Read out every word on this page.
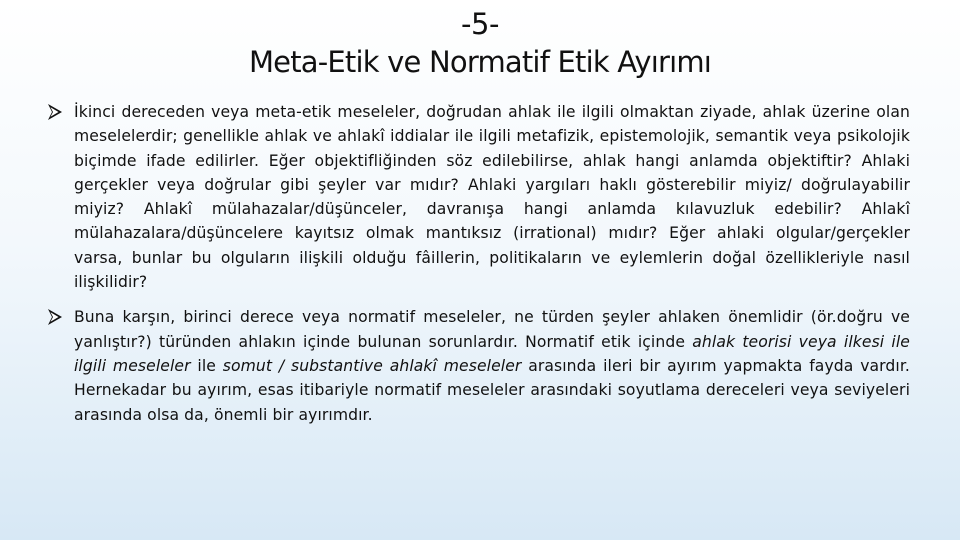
-5-
Meta-Etik ve Normatif Etik Ayırımı
İkinci dereceden veya meta-etik meseleler, doğrudan ahlak ile ilgili olmaktan ziyade, ahlak üzerine olan meselelerdir; genellikle ahlak ve ahlakî iddialar ile ilgili metafizik, epistemolojik, semantik veya psikolojik biçimde ifade edilirler. Eğer objektifliğinden söz edilebilirse, ahlak hangi anlamda objektiftir? Ahlaki gerçekler veya doğrular gibi şeyler var mıdır? Ahlaki yargıları haklı gösterebilir miyiz/ doğrulayabilir miyiz? Ahlakî mülahazalar/düşünceler, davranışa hangi anlamda kılavuzluk edebilir? Ahlakî mülahazalara/düşüncelere kayıtsız olmak mantıksız (irrational) mıdır? Eğer ahlaki olgular/gerçekler varsa, bunlar bu olguların ilişkili olduğu fâillerin, politikaların ve eylemlerin doğal özellikleriyle nasıl ilişkilidir?
Buna karşın, birinci derece veya normatif meseleler, ne türden şeyler ahlaken önemlidir (ör.doğru ve yanlıştır?) türünden ahlakın içinde bulunan sorunlardır. Normatif etik içinde ahlak teorisi veya ilkesi ile ilgili meseleler ile somut / substantive ahlakî meseleler arasında ileri bir ayırım yapmakta fayda vardır. Hernekadar bu ayırım, esas itibariyle normatif meseleler arasındaki soyutlama dereceleri veya seviyeleri arasında olsa da, önemli bir ayırımdır.
